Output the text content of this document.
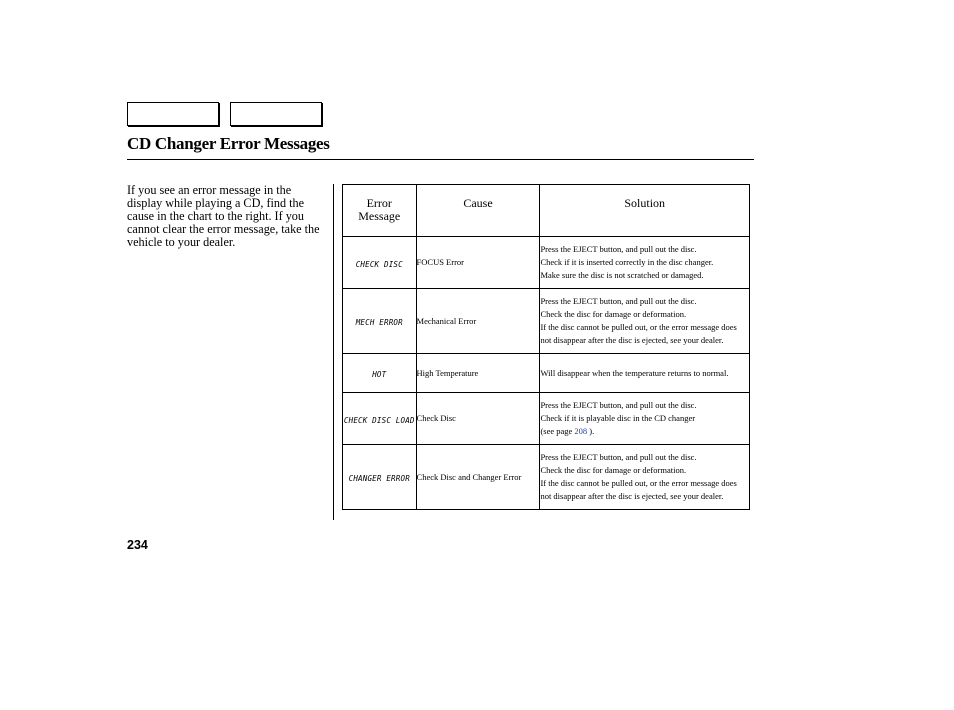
CD Changer Error Messages

If you see an error message in the display while playing a CD, find the cause in the chart to the right. If you cannot clear the error message, take the vehicle to your dealer.

Error Message	Cause	Solution
CHECK DISC	FOCUS Error	Press the EJECT button, and pull out the disc.
Check if it is inserted correctly in the disc changer.
Make sure the disc is not scratched or damaged.

MECH ERROR	Mechanical Error	Press the EJECT button, and pull out the disc.
Check the disc for damage or deformation.
If the disc cannot be pulled out, or the error message does not disappear after the disc is ejected, see your dealer.

HOT	High Temperature	Will disappear when the temperature returns to normal.

CHECK DISC LOAD	Check Disc	Press the EJECT button, and pull out the disc.
Check if it is playable disc in the CD changer
(see page 208 ).

CHANGER ERROR	Check Disc and Changer Error	Press the EJECT button, and pull out the disc.
Check the disc for damage or deformation.
If the disc cannot be pulled out, or the error message does not disappear after the disc is ejected, see your dealer.

234
